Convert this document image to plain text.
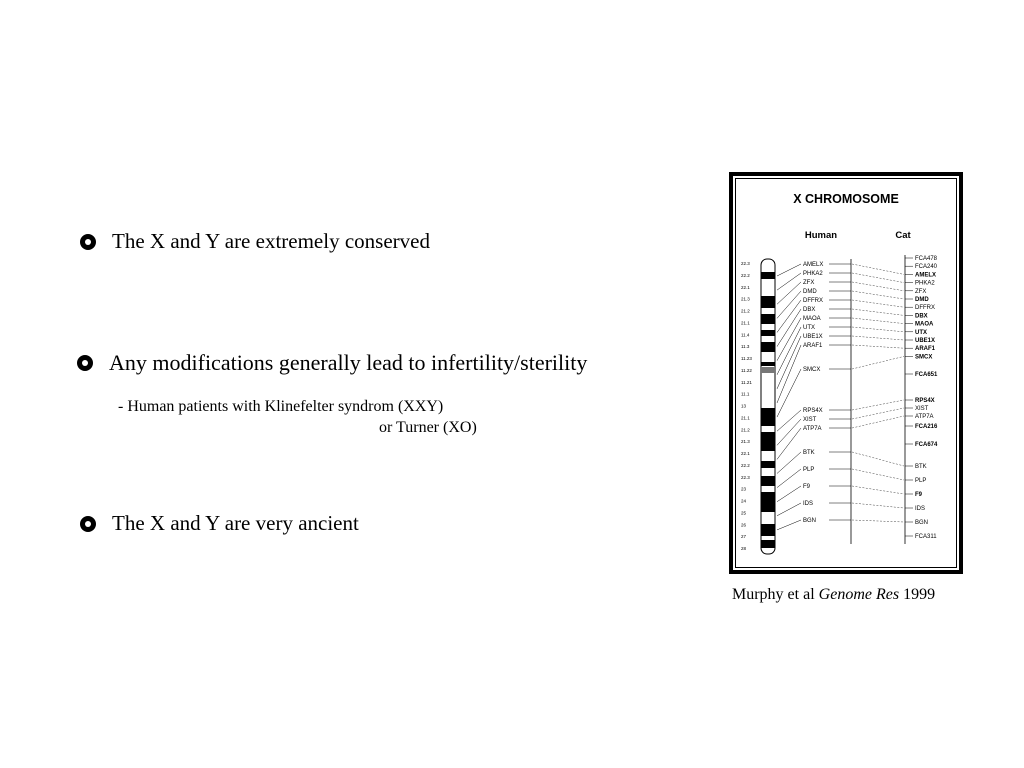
The X and Y are extremely conserved
Any modifications generally lead to infertility/sterility
- Human patients with Klinefelter syndrom (XXY)
or Turner (XO)
The X and Y are very ancient
X CHROMOSOME
Human	Cat
22.3
22.2
22.1
21.3
21.2
21.1
11.4
11.3
11.23
11.22
11.21
11.1
13
21.1
21.2
21.3
22.1
22.2
22.3
23
24
25
26
27
28
AMELX
PHKA2
ZFX
DMD
DFFRX
DBX
MAOA
UTX
UBE1X
ARAF1
SMCX
RPS4X
XIST
ATP7A
BTK
PLP
F9
IDS
BGN
FCA478
FCA240
AMELX
PHKA2
ZFX
DMD
DFFRX
DBX
MAOA
UTX
UBE1X
ARAF1
SMCX
FCA651
RPS4X
XIST
ATP7A
FCA216
FCA674
BTK
PLP
F9
IDS
BGN
FCA311
Murphy et al Genome Res 1999
